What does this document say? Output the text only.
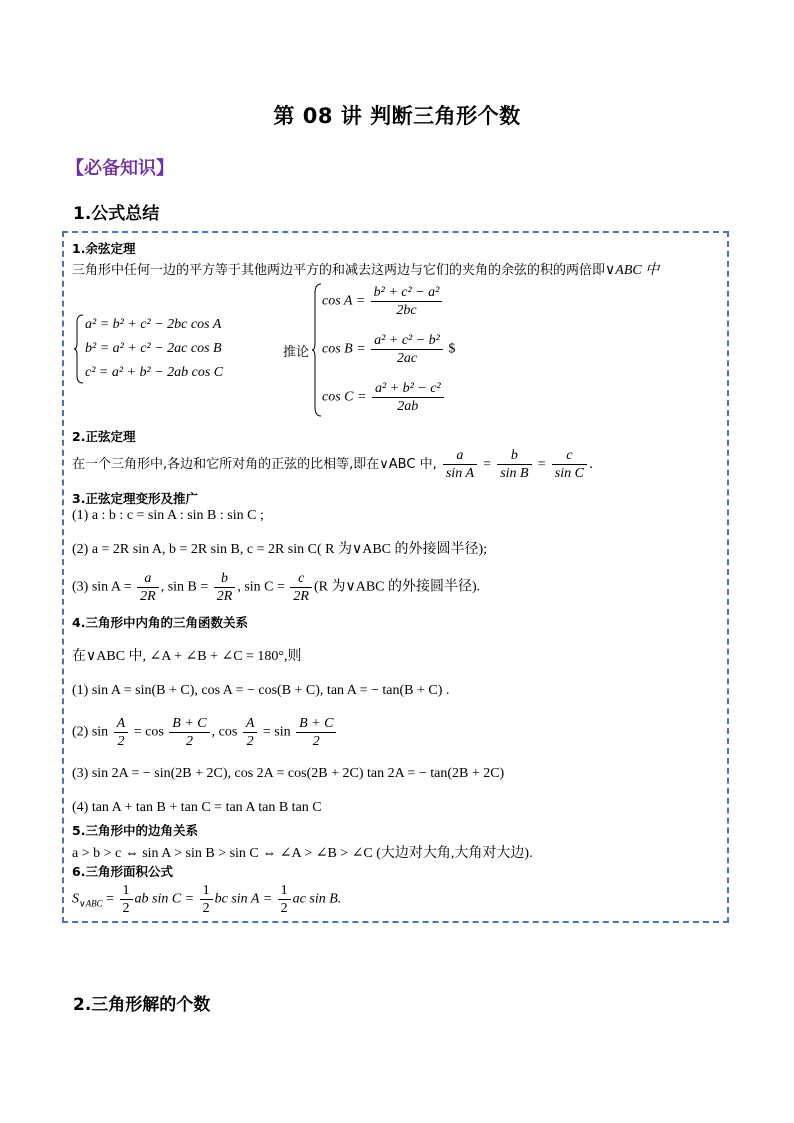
第 08 讲 判断三角形个数
【必备知识】
1.公式总结
1.余弦定理
三角形中任何一边的平方等于其他两边平方的和减去这两边与它们的夹角的余弦的积的两倍即∨ABC 中
a² = b² + c² − 2bc cos A
b² = a² + c² − 2ac cos B
c² = a² + b² − 2ab cos C
推论
$\cos A = \frac{\text{b² + c² − a²}}{2bc}$
$\cos B = \frac{\text{a² + c² − b²}}{2ac}$ $
$\cos C = \frac{\text{a² + b² − c²}}{2ab}$
2.正弦定理
在一个三角形中,各边和它所对角的正弦的比相等,即在∨ABC 中, $\frac{a}{\text{sin A}} = \frac{b}{\text{sin B}} = \frac{c}{\text{sin C}}$ .
3.正弦定理变形及推广
(1) a : b : c = sin A : sin B : sin C ;
(2) a = 2R sin A, b = 2R sin B, c = 2R sin C( R 为∨ABC 的外接圆半径);
(3) $\sin A = \frac{a}{2R}$ , $\sin B = \frac{b}{2R}$ , $\sin C = \frac{c}{2R} (R$ 为∨ABC 的外接圆半径).
4.三角形中内角的三角函数关系
在∨ABC 中, ∠A + ∠B + ∠C = 180°,则
(1) sin A = sin(B + C), cos A = − cos(B + C), tan A = − tan(B + C) .
(2) $\sin \frac{A}{2} = \cos \frac{B + C}{2}$ , $\cos \frac{A}{2} = \sin \frac{B + C}{2}$
(3) sin 2A = − sin(2B + 2C), cos 2A = cos(2B + 2C) tan 2A = − tan(2B + 2C)
(4) tan A + tan B + tan C = tan A tan B tan C
5.三角形中的边角关系
a > b > c ⇔ sin A > sin B > sin C ⇔ ∠A > ∠B > ∠C (大边对大角,大角对大边).
6.三角形面积公式
$S_{\vee ABC} = \frac{1}{2}$ ab $\sin C = \frac{1}{2}$ bc $\sin A = \frac{1}{2}$ ac sin B.
2.三角形解的个数
